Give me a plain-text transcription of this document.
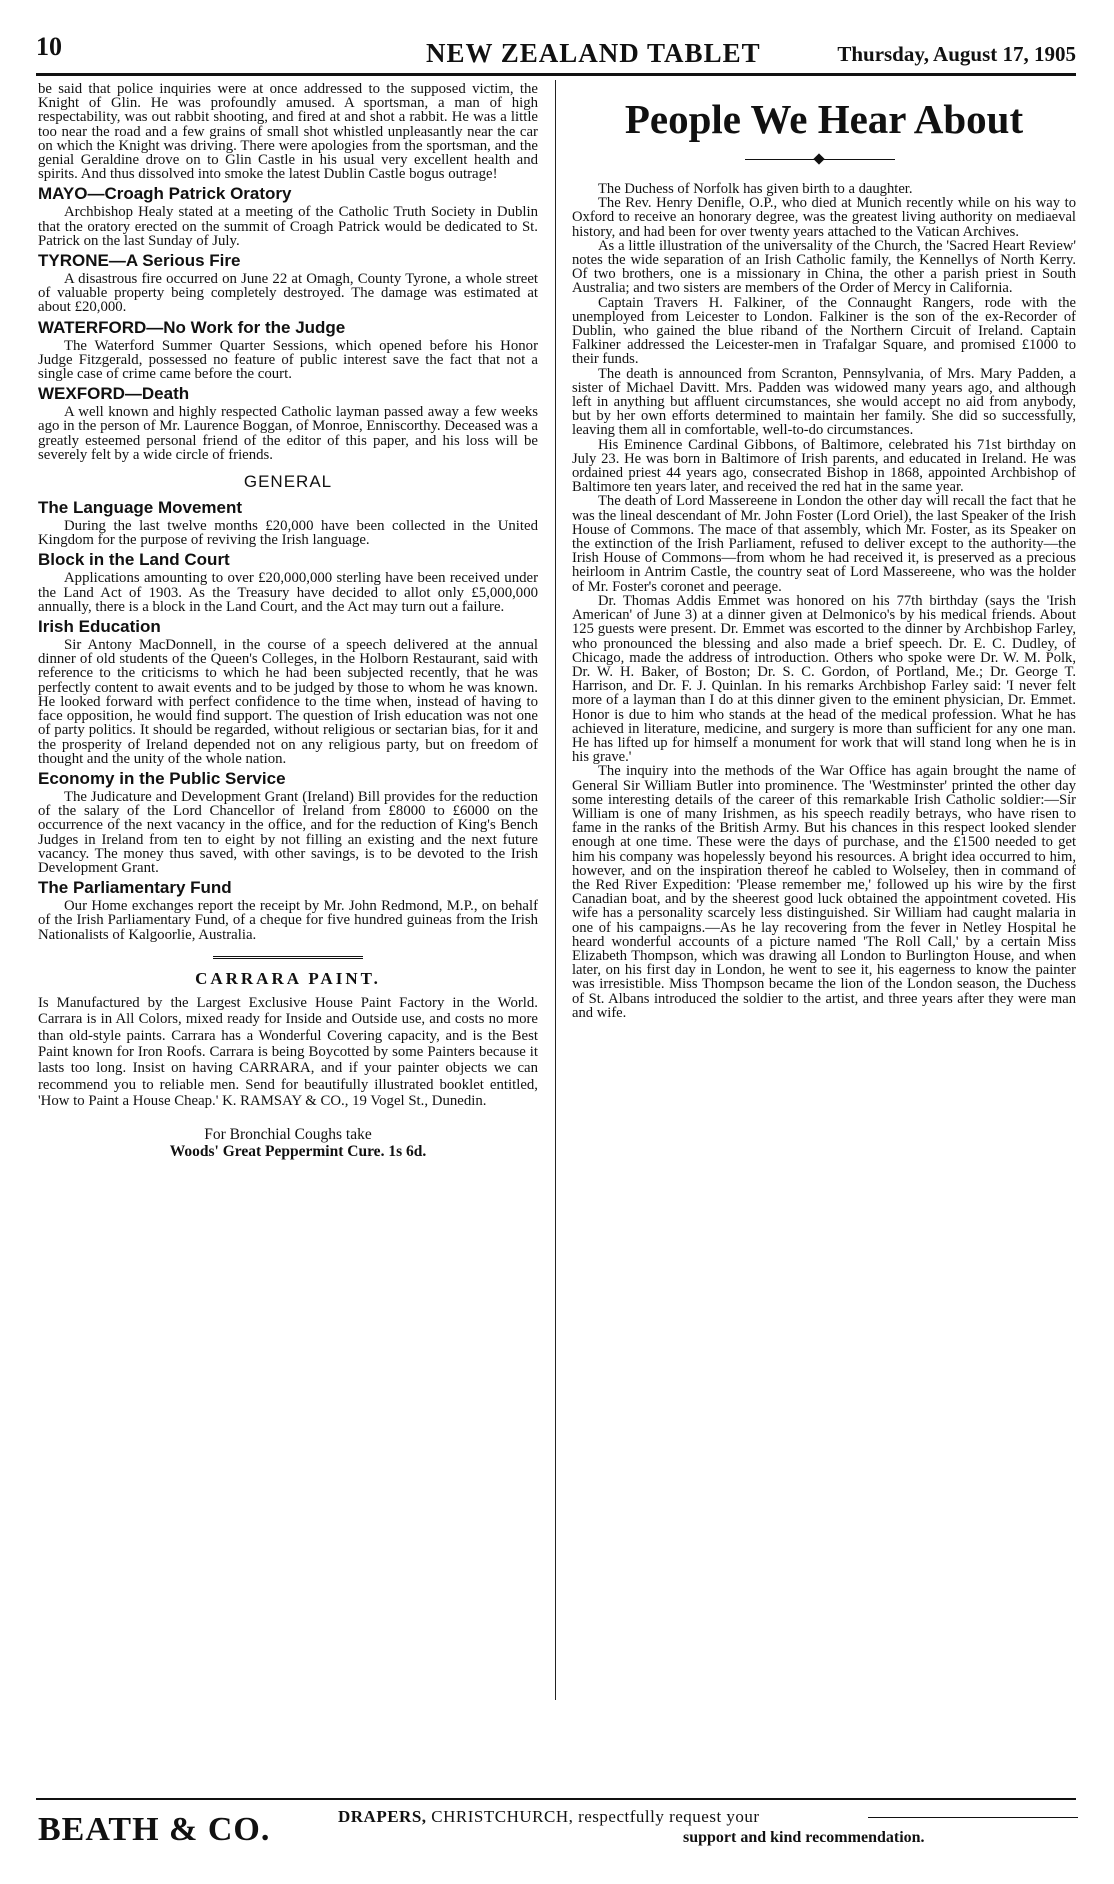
10	NEW ZEALAND TABLET	Thursday, August 17, 1905

be said that police inquiries were at once addressed to the supposed victim, the Knight of Glin. He was profoundly amused. A sportsman, a man of high respectability, was out rabbit shooting, and fired at and shot a rabbit. He was a little too near the road and a few grains of small shot whistled unpleasantly near the car on which the Knight was driving. There were apologies from the sportsman, and the genial Geraldine drove on to Glin Castle in his usual very excellent health and spirits. And thus dissolved into smoke the latest Dublin Castle bogus outrage!

MAYO—Croagh Patrick Oratory

Archbishop Healy stated at a meeting of the Catholic Truth Society in Dublin that the oratory erected on the summit of Croagh Patrick would be dedicated to St. Patrick on the last Sunday of July.

TYRONE—A Serious Fire

A disastrous fire occurred on June 22 at Omagh, County Tyrone, a whole street of valuable property being completely destroyed. The damage was estimated at about £20,000.

WATERFORD—No Work for the Judge

The Waterford Summer Quarter Sessions, which opened before his Honor Judge Fitzgerald, possessed no feature of public interest save the fact that not a single case of crime came before the court.

WEXFORD—Death

A well known and highly respected Catholic layman passed away a few weeks ago in the person of Mr. Laurence Boggan, of Monroe, Enniscorthy. Deceased was a greatly esteemed personal friend of the editor of this paper, and his loss will be severely felt by a wide circle of friends.

GENERAL
The Language Movement

During the last twelve months £20,000 have been collected in the United Kingdom for the purpose of reviving the Irish language.

Block in the Land Court

Applications amounting to over £20,000,000 sterling have been received under the Land Act of 1903. As the Treasury have decided to allot only £5,000,000 annually, there is a block in the Land Court, and the Act may turn out a failure.

Irish Education

Sir Antony MacDonnell, in the course of a speech delivered at the annual dinner of old students of the Queen's Colleges, in the Holborn Restaurant, said with reference to the criticisms to which he had been subjected recently, that he was perfectly content to await events and to be judged by those to whom he was known. He looked forward with perfect confidence to the time when, instead of having to face opposition, he would find support. The question of Irish education was not one of party politics. It should be regarded, without religious or sectarian bias, for it and the prosperity of Ireland depended not on any religious party, but on freedom of thought and the unity of the whole nation.

Economy in the Public Service

The Judicature and Development Grant (Ireland) Bill provides for the reduction of the salary of the Lord Chancellor of Ireland from £8000 to £6000 on the occurrence of the next vacancy in the office, and for the reduction of King's Bench Judges in Ireland from ten to eight by not filling an existing and the next future vacancy. The money thus saved, with other savings, is to be devoted to the Irish Development Grant.

The Parliamentary Fund

Our Home exchanges report the receipt by Mr. John Redmond, M.P., on behalf of the Irish Parliamentary Fund, of a cheque for five hundred guineas from the Irish Nationalists of Kalgoorlie, Australia.

CARRARA PAINT.

Is Manufactured by the Largest Exclusive House Paint Factory in the World. Carrara is in All Colors, mixed ready for Inside and Outside use, and costs no more than old-style paints. Carrara has a Wonderful Covering capacity, and is the Best Paint known for Iron Roofs. Carrara is being Boycotted by some Painters because it lasts too long. Insist on having CARRARA, and if your painter objects we can recommend you to reliable men. Send for beautifully illustrated booklet entitled, 'How to Paint a House Cheap.' K. RAMSAY & CO., 19 Vogel St., Dunedin.

For Bronchial Coughs take
Woods' Great Peppermint Cure. 1s 6d.
People We Hear About

The Duchess of Norfolk has given birth to a daughter.

The Rev. Henry Denifle, O.P., who died at Munich recently while on his way to Oxford to receive an honorary degree, was the greatest living authority on mediaeval history, and had been for over twenty years attached to the Vatican Archives.

As a little illustration of the universality of the Church, the 'Sacred Heart Review' notes the wide separation of an Irish Catholic family, the Kennellys of North Kerry. Of two brothers, one is a missionary in China, the other a parish priest in South Australia; and two sisters are members of the Order of Mercy in California.

Captain Travers H. Falkiner, of the Connaught Rangers, rode with the unemployed from Leicester to London. Falkiner is the son of the ex-Recorder of Dublin, who gained the blue riband of the Northern Circuit of Ireland. Captain Falkiner addressed the Leicester-men in Trafalgar Square, and promised £1000 to their funds.

The death is announced from Scranton, Pennsylvania, of Mrs. Mary Padden, a sister of Michael Davitt. Mrs. Padden was widowed many years ago, and although left in anything but affluent circumstances, she would accept no aid from anybody, but by her own efforts determined to maintain her family. She did so successfully, leaving them all in comfortable, well-to-do circumstances.

His Eminence Cardinal Gibbons, of Baltimore, celebrated his 71st birthday on July 23. He was born in Baltimore of Irish parents, and educated in Ireland. He was ordained priest 44 years ago, consecrated Bishop in 1868, appointed Archbishop of Baltimore ten years later, and received the red hat in the same year.

The death of Lord Massereene in London the other day will recall the fact that he was the lineal descendant of Mr. John Foster (Lord Oriel), the last Speaker of the Irish House of Commons. The mace of that assembly, which Mr. Foster, as its Speaker on the extinction of the Irish Parliament, refused to deliver except to the authority—the Irish House of Commons—from whom he had received it, is preserved as a precious heirloom in Antrim Castle, the country seat of Lord Massereene, who was the holder of Mr. Foster's coronet and peerage.

Dr. Thomas Addis Emmet was honored on his 77th birthday (says the 'Irish American' of June 3) at a dinner given at Delmonico's by his medical friends. About 125 guests were present. Dr. Emmet was escorted to the dinner by Archbishop Farley, who pronounced the blessing and also made a brief speech. Dr. E. C. Dudley, of Chicago, made the address of introduction. Others who spoke were Dr. W. M. Polk, Dr. W. H. Baker, of Boston; Dr. S. C. Gordon, of Portland, Me.; Dr. George T. Harrison, and Dr. F. J. Quinlan. In his remarks Archbishop Farley said: 'I never felt more of a layman than I do at this dinner given to the eminent physician, Dr. Emmet. Honor is due to him who stands at the head of the medical profession. What he has achieved in literature, medicine, and surgery is more than sufficient for any one man. He has lifted up for himself a monument for work that will stand long when he is in his grave.'

The inquiry into the methods of the War Office has again brought the name of General Sir William Butler into prominence. The 'Westminster' printed the other day some interesting details of the career of this remarkable Irish Catholic soldier:—Sir William is one of many Irishmen, as his speech readily betrays, who have risen to fame in the ranks of the British Army. But his chances in this respect looked slender enough at one time. These were the days of purchase, and the £1500 needed to get him his company was hopelessly beyond his resources. A bright idea occurred to him, however, and on the inspiration thereof he cabled to Wolseley, then in command of the Red River Expedition: 'Please remember me,' followed up his wire by the first Canadian boat, and by the sheerest good luck obtained the appointment coveted. His wife has a personality scarcely less distinguished. Sir William had caught malaria in one of his campaigns.—As he lay recovering from the fever in Netley Hospital he heard wonderful accounts of a picture named 'The Roll Call,' by a certain Miss Elizabeth Thompson, which was drawing all London to Burlington House, and when later, on his first day in London, he went to see it, his eagerness to know the painter was irresistible. Miss Thompson became the lion of the London season, the Duchess of St. Albans introduced the soldier to the artist, and three years after they were man and wife.

BEATH & CO.	DRAPERS, CHRISTCHURCH, respectfully request your
support and kind recommendation.
